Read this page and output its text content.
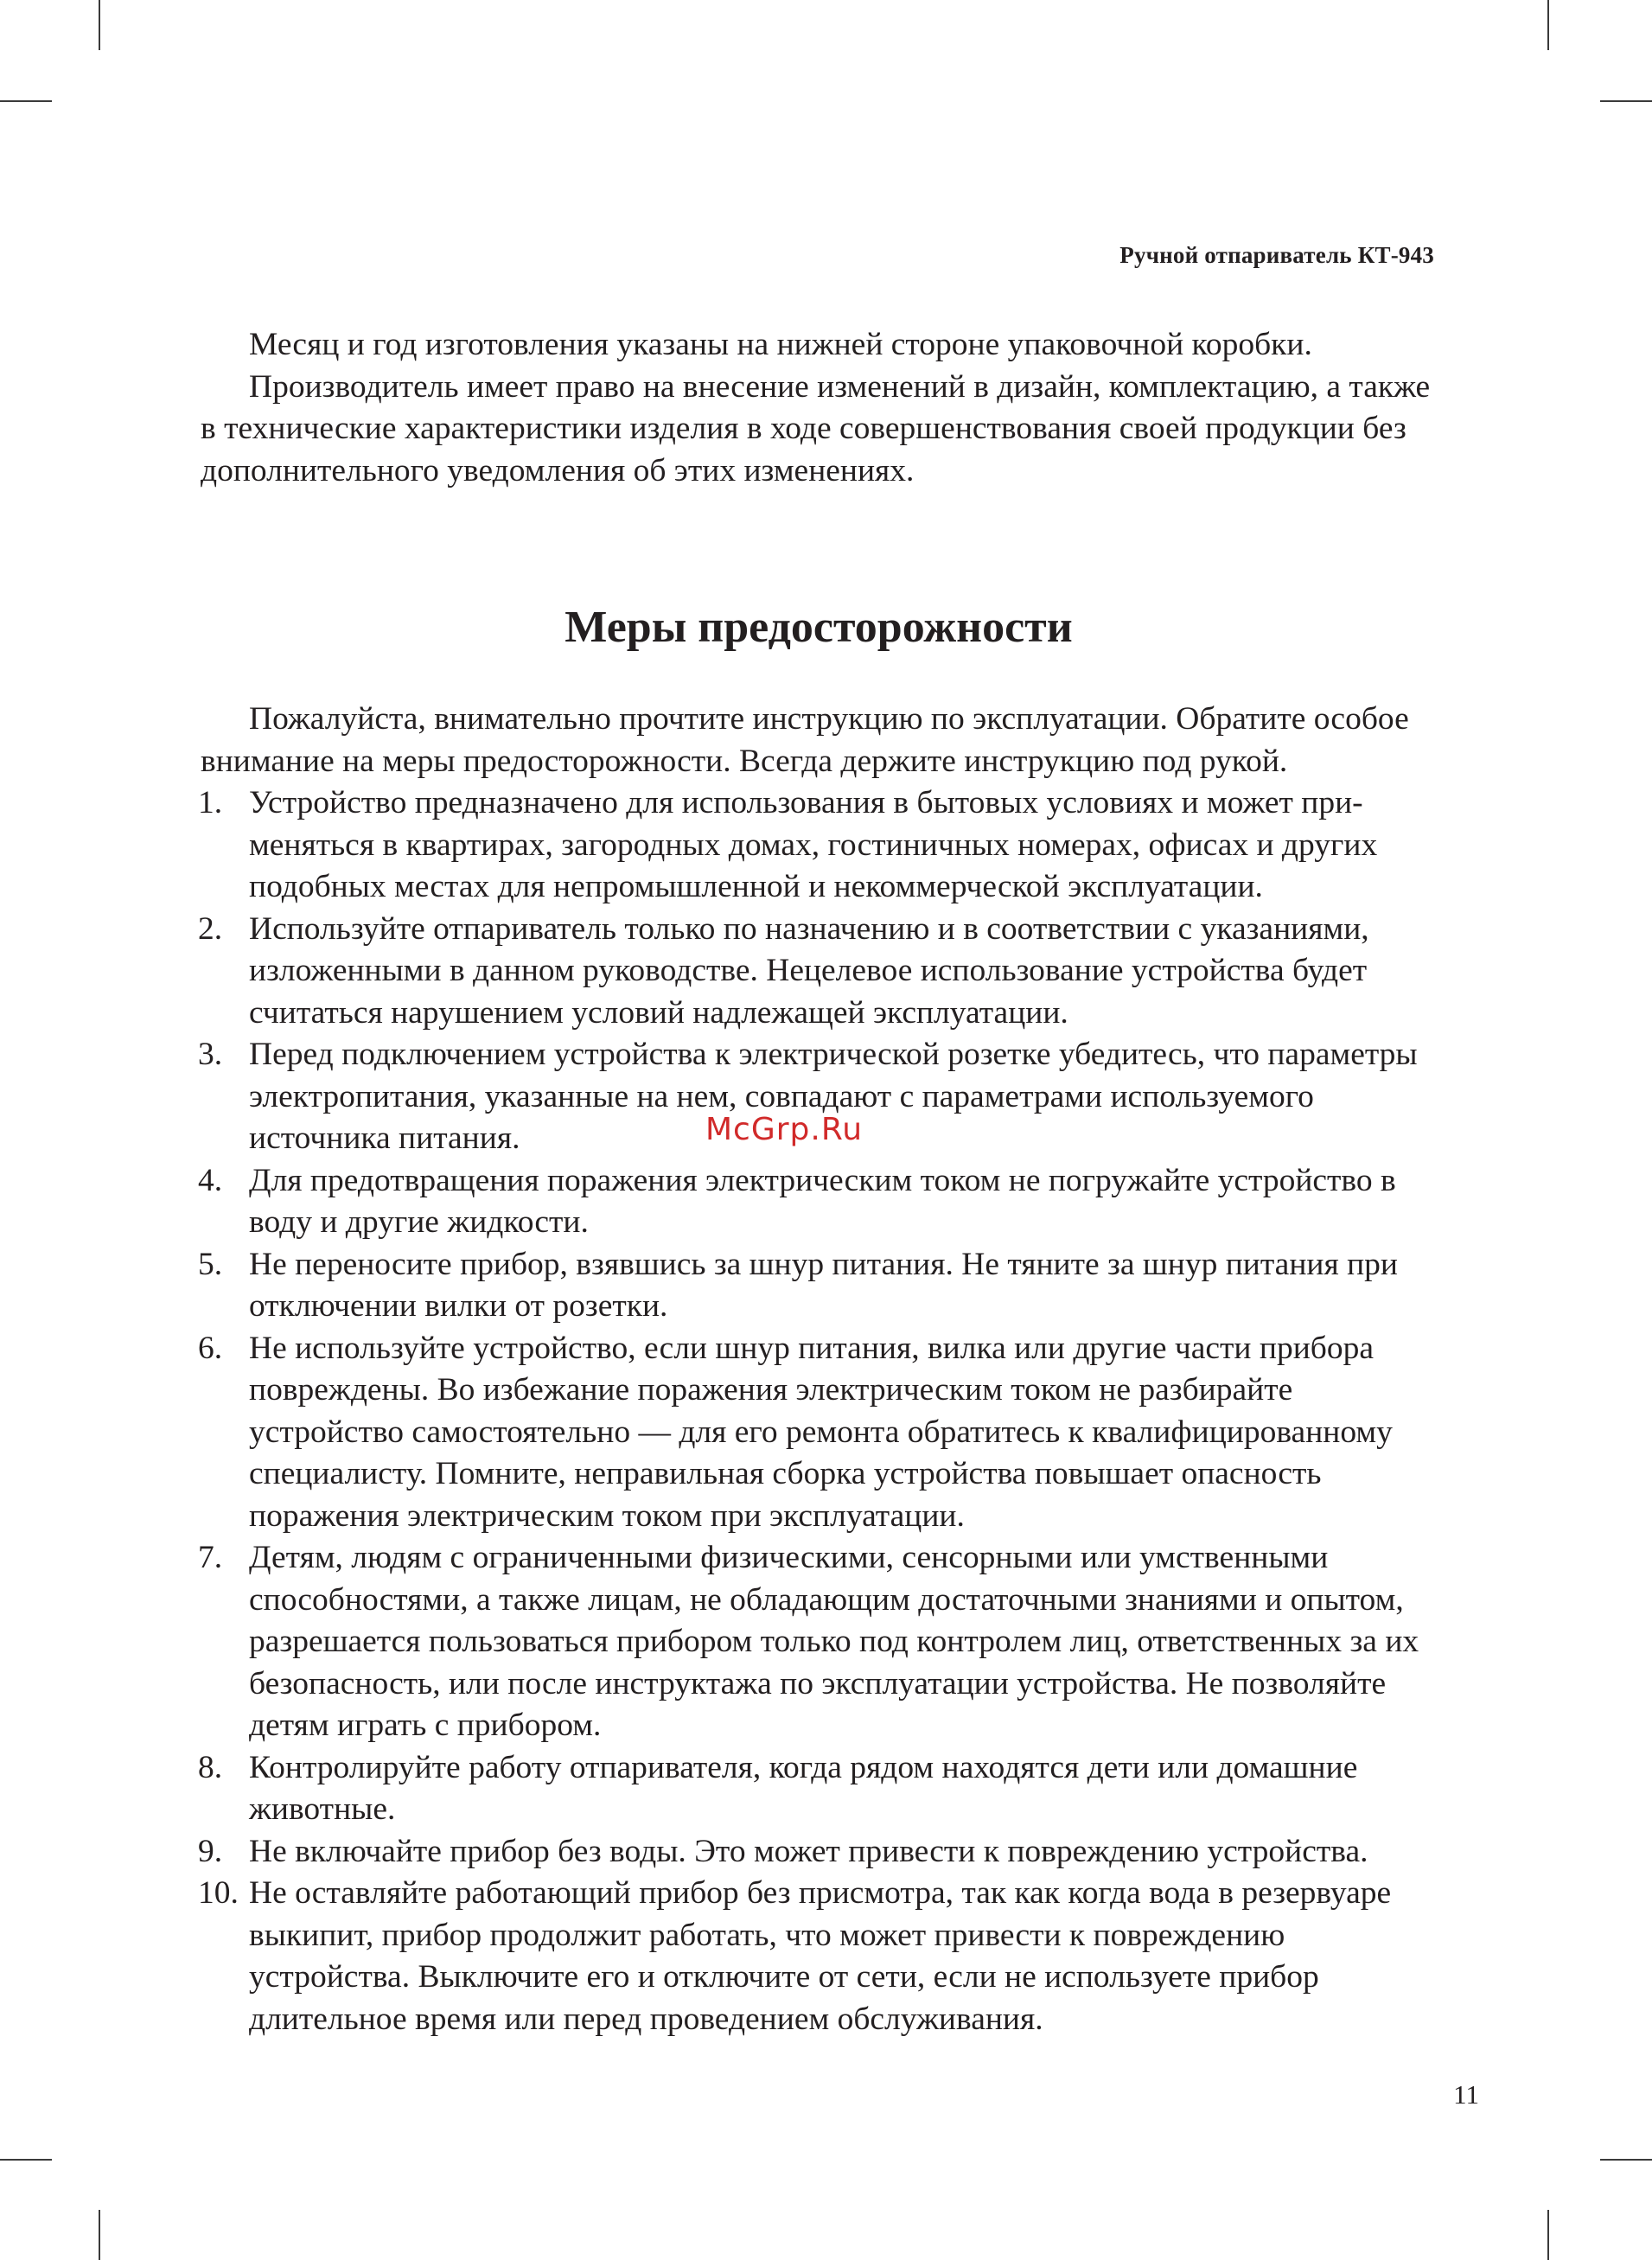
Ручной отпариватель КТ-943

Месяц и год изготовления указаны на нижней стороне упаковочной коробки.

Производитель имеет право на внесение изменений в дизайн, комплектацию, а также в технические характеристики изделия в ходе совершенствования своей продукции без дополнительного уведомления об этих изменениях.

Меры предосторожности

Пожалуйста, внимательно прочтите инструкцию по эксплуатации. Обратите особое внимание на меры предосторожности. Всегда держите инструкцию под рукой.

1. Устройство предназначено для использования в бытовых условиях и может применяться в квартирах, загородных домах, гостиничных номерах, офисах и других подобных местах для непромышленной и некоммерческой эксплуатации.
2. Используйте отпариватель только по назначению и в соответствии с указаниями, изложенными в данном руководстве. Нецелевое использование устройства будет считаться нарушением условий надлежащей эксплуатации.
3. Перед подключением устройства к электрической розетке убедитесь, что параметры электропитания, указанные на нем, совпадают с параметрами используемого источника питания.
4. Для предотвращения поражения электрическим током не погружайте устройство в воду и другие жидкости.
5. Не переносите прибор, взявшись за шнур питания. Не тяните за шнур питания при отключении вилки от розетки.
6. Не используйте устройство, если шнур питания, вилка или другие части прибора повреждены. Во избежание поражения электрическим током не разбирайте устройство самостоятельно — для его ремонта обратитесь к квалифицированному специалисту. Помните, неправильная сборка устройства повышает опасность поражения электрическим током при эксплуатации.
7. Детям, людям с ограниченными физическими, сенсорными или умственными способностями, а также лицам, не обладающим достаточными знаниями и опытом, разрешается пользоваться прибором только под контролем лиц, ответственных за их безопасность, или после инструктажа по эксплуатации устройства. Не позволяйте детям играть с прибором.
8. Контролируйте работу отпаривателя, когда рядом находятся дети или домашние животные.
9. Не включайте прибор без воды. Это может привести к повреждению устройства.
10. Не оставляйте работающий прибор без присмотра, так как когда вода в резервуаре выкипит, прибор продолжит работать, что может привести к повреждению устройства. Выключите его и отключите от сети, если не используете прибор длительное время или перед проведением обслуживания.
McGrp.Ru
11
